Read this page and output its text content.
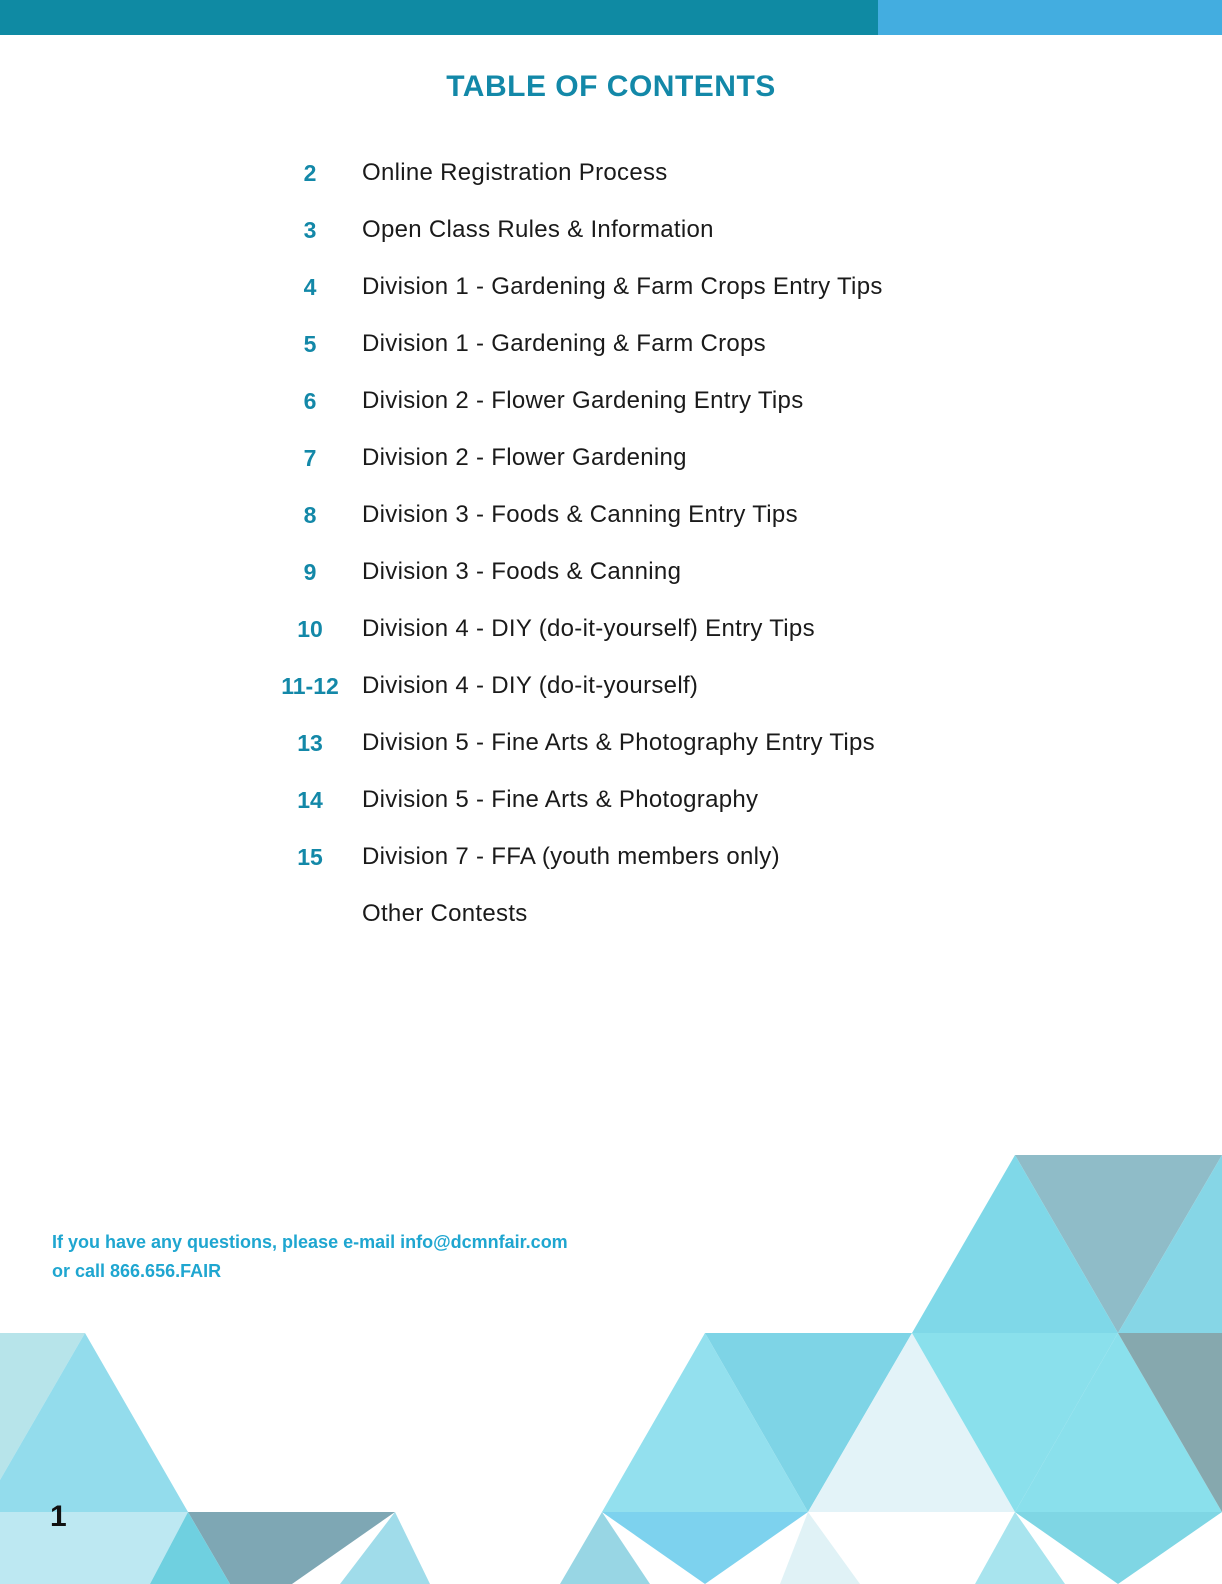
TABLE OF CONTENTS
2	Online Registration Process
3	Open Class Rules & Information
4	Division 1 - Gardening & Farm Crops Entry Tips
5	Division 1 - Gardening & Farm Crops
6	Division 2 - Flower Gardening Entry Tips
7	Division 2 - Flower Gardening
8	Division 3 - Foods & Canning Entry Tips
9	Division 3 - Foods & Canning
10	Division 4 - DIY (do-it-yourself) Entry Tips
11-12 Division 4 - DIY (do-it-yourself)
13	Division 5 - Fine Arts & Photography Entry Tips
14	Division 5 - Fine Arts & Photography
15	Division 7 - FFA (youth members only)
Other Contests
If you have any questions, please e-mail info@dcmnfair.com
or call 866.656.FAIR
1
